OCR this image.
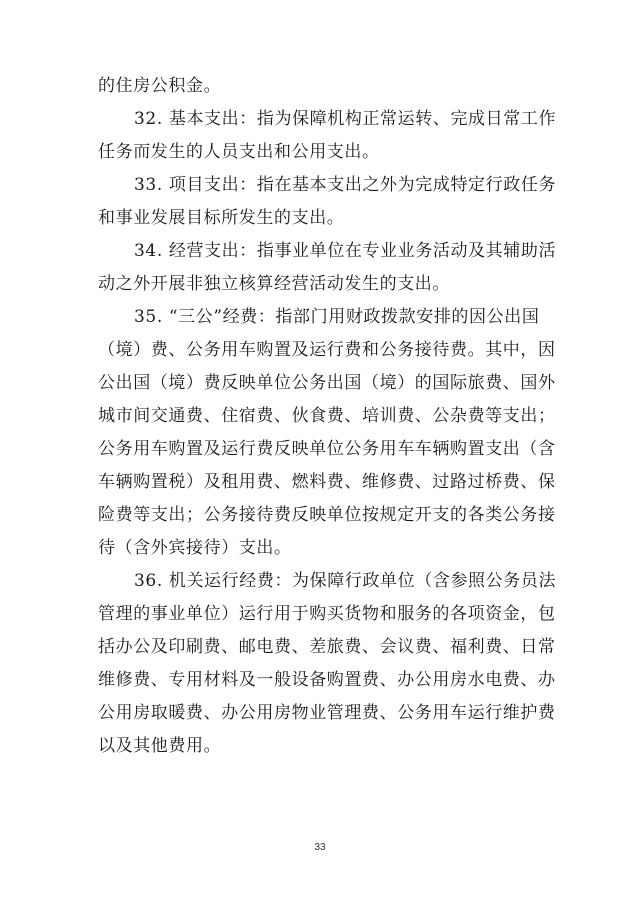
的住房公积金。
32. 基本支出：指为保障机构正常运转、完成日常工作
任务而发生的人员支出和公用支出。
33. 项目支出：指在基本支出之外为完成特定行政任务
和事业发展目标所发生的支出。
34. 经营支出：指事业单位在专业业务活动及其辅助活
动之外开展非独立核算经营活动发生的支出。
35. “三公”经费：指部门用财政拨款安排的因公出国
（境）费、公务用车购置及运行费和公务接待费。其中，因
公出国（境）费反映单位公务出国（境）的国际旅费、国外
城市间交通费、住宿费、伙食费、培训费、公杂费等支出；
公务用车购置及运行费反映单位公务用车车辆购置支出（含
车辆购置税）及租用费、燃料费、维修费、过路过桥费、保
险费等支出；公务接待费反映单位按规定开支的各类公务接
待（含外宾接待）支出。
36. 机关运行经费：为保障行政单位（含参照公务员法
管理的事业单位）运行用于购买货物和服务的各项资金，包
括办公及印刷费、邮电费、差旅费、会议费、福利费、日常
维修费、专用材料及一般设备购置费、办公用房水电费、办
公用房取暖费、办公用房物业管理费、公务用车运行维护费
以及其他费用。
33
